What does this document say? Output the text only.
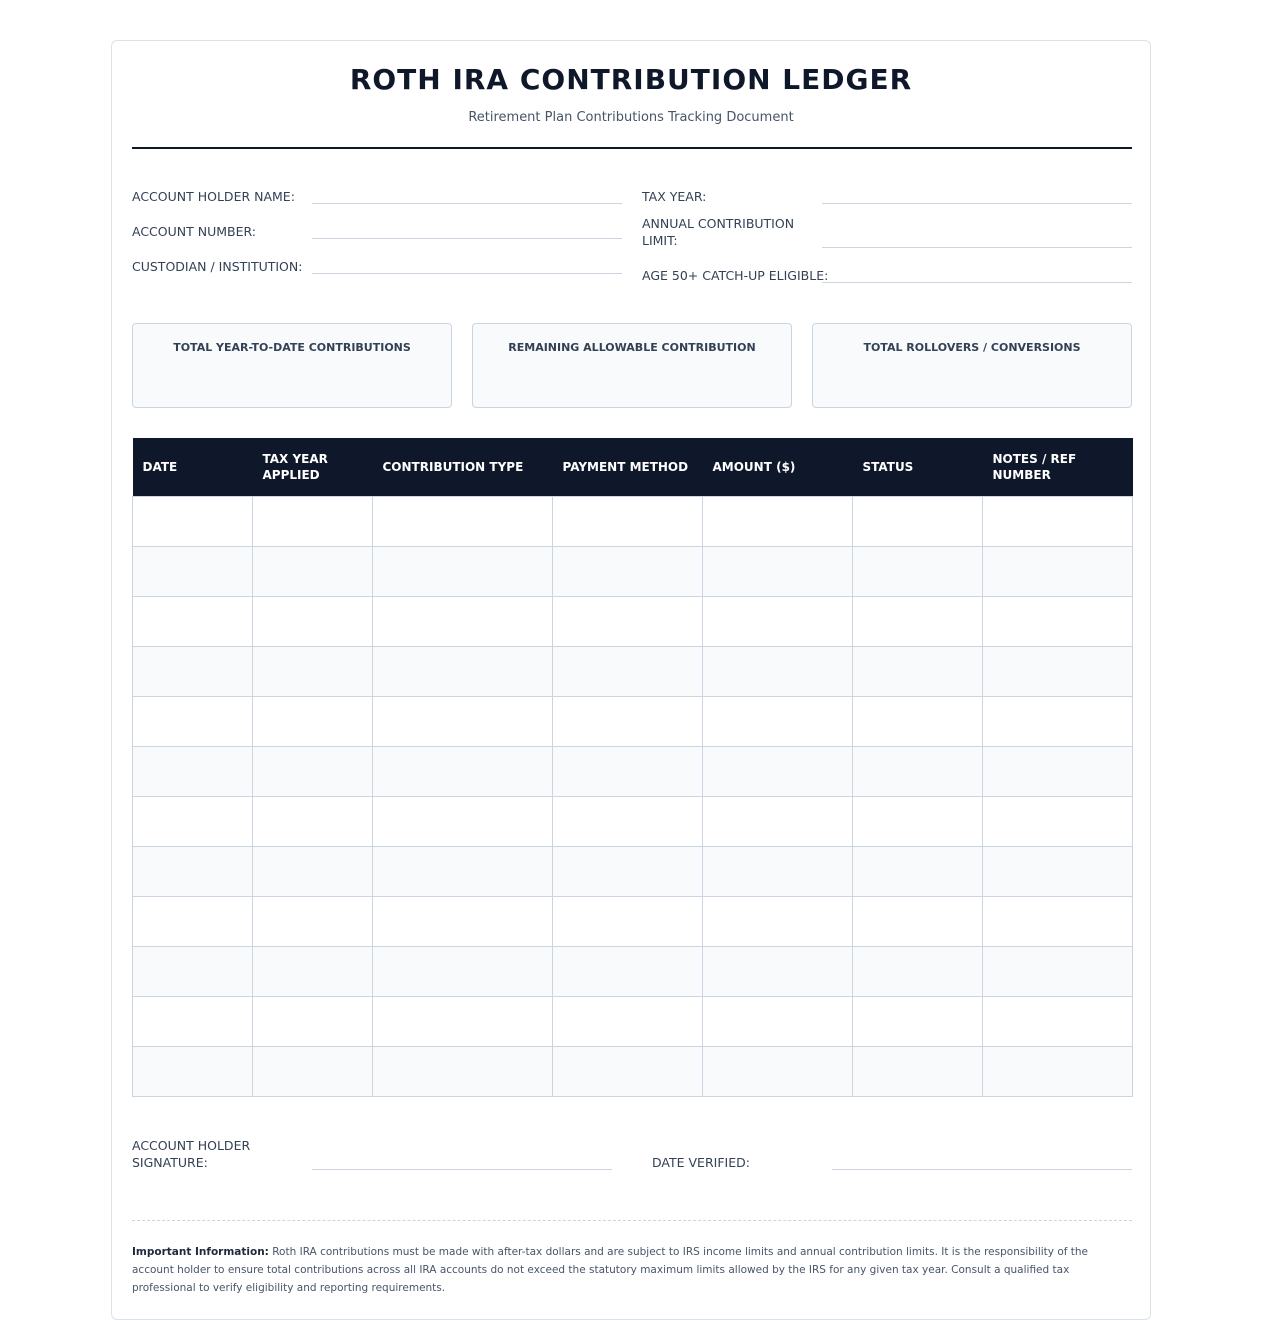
ROTH IRA CONTRIBUTION LEDGER
Retirement Plan Contributions Tracking Document
ACCOUNT HOLDER NAME:
ACCOUNT NUMBER:
CUSTODIAN / INSTITUTION:
TAX YEAR:
ANNUAL CONTRIBUTION LIMIT:
AGE 50+ CATCH-UP ELIGIBLE:
TOTAL YEAR-TO-DATE CONTRIBUTIONS	REMAINING ALLOWABLE CONTRIBUTION	TOTAL ROLLOVERS / CONVERSIONS
DATE	TAX YEAR APPLIED	CONTRIBUTION TYPE	PAYMENT METHOD	AMOUNT ($)	STATUS	NOTES / REF NUMBER

ACCOUNT HOLDER SIGNATURE:	DATE VERIFIED:
Important Information: Roth IRA contributions must be made with after-tax dollars and are subject to IRS income limits and annual contribution limits. It is the responsibility of the account holder to ensure total contributions across all IRA accounts do not exceed the statutory maximum limits allowed by the IRS for any given tax year. Consult a qualified tax professional to verify eligibility and reporting requirements.
